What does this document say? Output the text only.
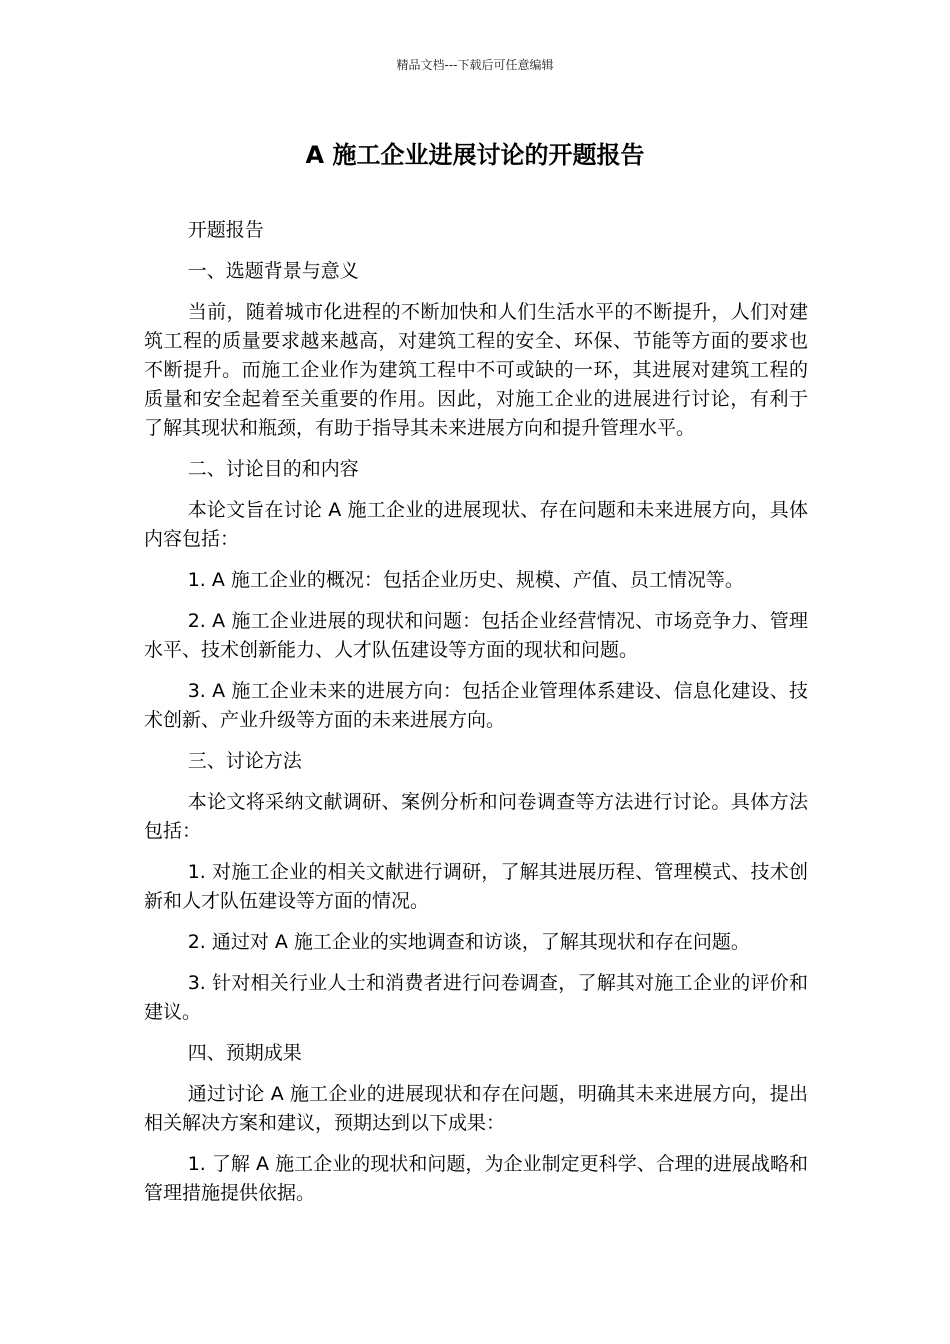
精品文档---下载后可任意编辑
A 施工企业进展讨论的开题报告

开题报告

一、选题背景与意义

当前，随着城市化进程的不断加快和人们生活水平的不断提升，人们对建筑工程的质量要求越来越高，对建筑工程的安全、环保、节能等方面的要求也不断提升。而施工企业作为建筑工程中不可或缺的一环，其进展对建筑工程的质量和安全起着至关重要的作用。因此，对施工企业的进展进行讨论，有利于了解其现状和瓶颈，有助于指导其未来进展方向和提升管理水平。

二、讨论目的和内容

本论文旨在讨论 A 施工企业的进展现状、存在问题和未来进展方向，具体内容包括：

1. A 施工企业的概况：包括企业历史、规模、产值、员工情况等。

2. A 施工企业进展的现状和问题：包括企业经营情况、市场竞争力、管理水平、技术创新能力、人才队伍建设等方面的现状和问题。

3. A 施工企业未来的进展方向：包括企业管理体系建设、信息化建设、技术创新、产业升级等方面的未来进展方向。

三、讨论方法

本论文将采纳文献调研、案例分析和问卷调查等方法进行讨论。具体方法包括：

1. 对施工企业的相关文献进行调研，了解其进展历程、管理模式、技术创新和人才队伍建设等方面的情况。

2. 通过对 A 施工企业的实地调查和访谈，了解其现状和存在问题。

3. 针对相关行业人士和消费者进行问卷调查，了解其对施工企业的评价和建议。

四、预期成果

通过讨论 A 施工企业的进展现状和存在问题，明确其未来进展方向，提出相关解决方案和建议，预期达到以下成果：

1. 了解 A 施工企业的现状和问题，为企业制定更科学、合理的进展战略和管理措施提供依据。
